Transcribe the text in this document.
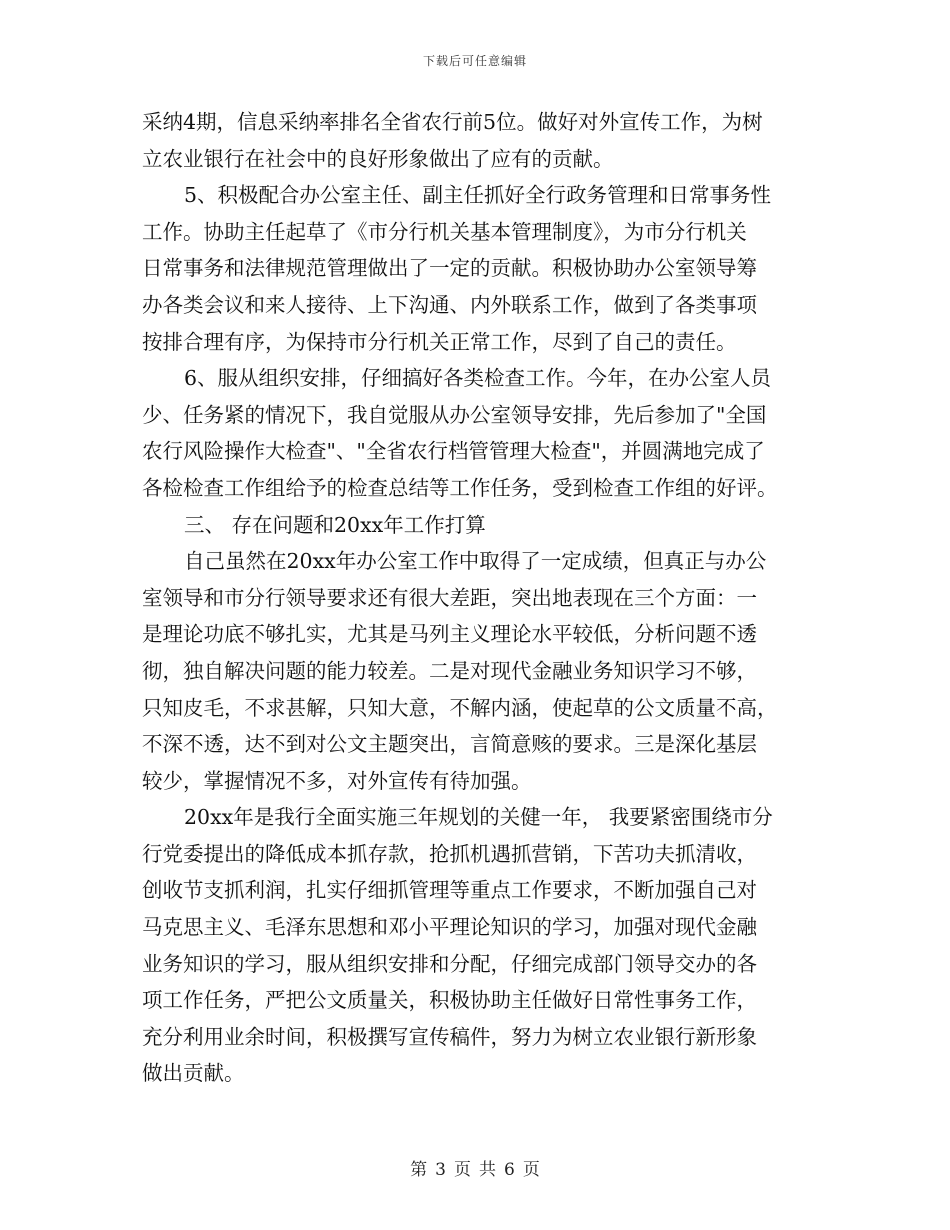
下载后可任意编辑
采纳4期，信息采纳率排名全省农行前5位。做好对外宣传工作，为树
立农业银行在社会中的良好形象做出了应有的贡献。
5、积极配合办公室主任、副主任抓好全行政务管理和日常事务性
工作。协助主任起草了《市分行机关基本管理制度》，为市分行机关
日常事务和法律规范管理做出了一定的贡献。积极协助办公室领导筹
办各类会议和来人接待、上下沟通、内外联系工作，做到了各类事项
按排合理有序，为保持市分行机关正常工作，尽到了自己的责任。
6、服从组织安排，仔细搞好各类检查工作。今年，在办公室人员
少、任务紧的情况下，我自觉服从办公室领导安排，先后参加了"全国
农行风险操作大检查"、"全省农行档管管理大检查"，并圆满地完成了
各检检查工作组给予的检查总结等工作任务，受到检查工作组的好评。
三、 存在问题和20xx年工作打算
自己虽然在20xx年办公室工作中取得了一定成绩，但真正与办公
室领导和市分行领导要求还有很大差距，突出地表现在三个方面：一
是理论功底不够扎实，尤其是马列主义理论水平较低，分析问题不透
彻，独自解决问题的能力较差。二是对现代金融业务知识学习不够，
只知皮毛，不求甚解，只知大意，不解内涵，使起草的公文质量不高，
不深不透，达不到对公文主题突出，言简意赅的要求。三是深化基层
较少，掌握情况不多，对外宣传有待加强。
20xx年是我行全面实施三年规划的关健一年， 我要紧密围绕市分
行党委提出的降低成本抓存款，抢抓机遇抓营销，下苦功夫抓清收，
创收节支抓利润，扎实仔细抓管理等重点工作要求，不断加强自己对
马克思主义、毛泽东思想和邓小平理论知识的学习，加强对现代金融
业务知识的学习，服从组织安排和分配，仔细完成部门领导交办的各
项工作任务，严把公文质量关，积极协助主任做好日常性事务工作，
充分利用业余时间，积极撰写宣传稿件，努力为树立农业银行新形象
做出贡献。
第 3 页 共 6 页
